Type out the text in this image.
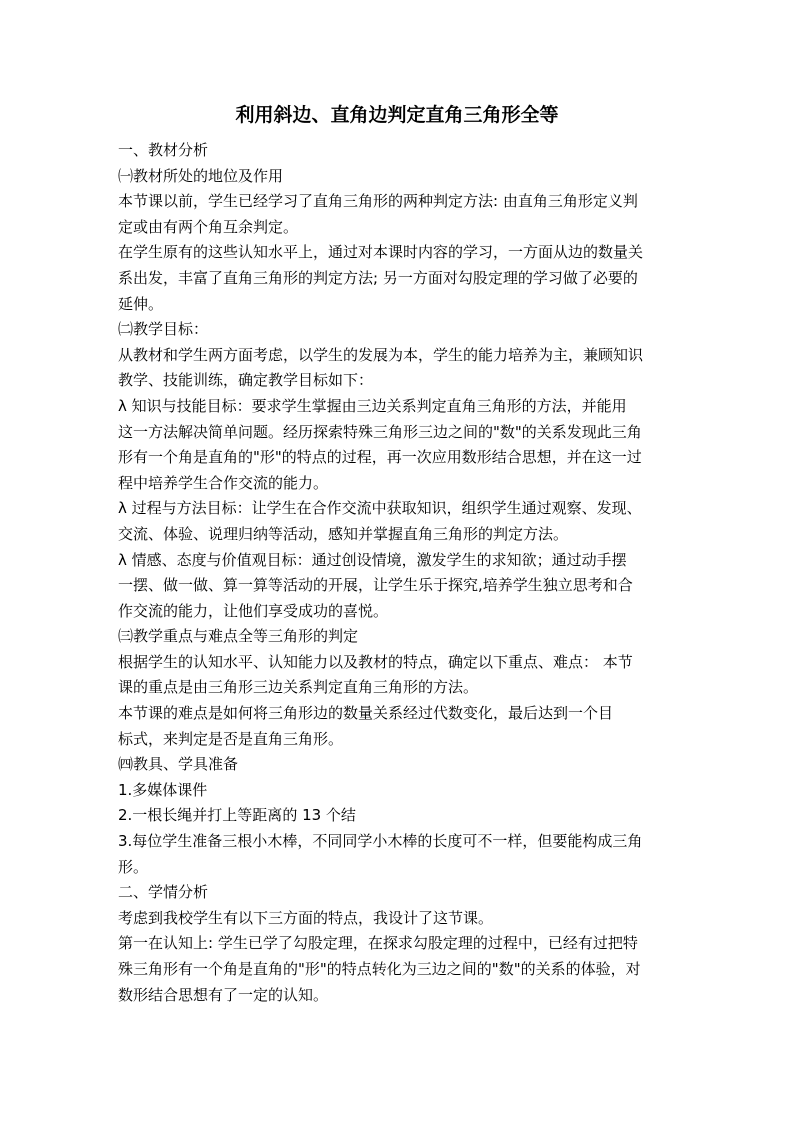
利用斜边、直角边判定直角三角形全等
一、教材分析
㈠教材所处的地位及作用
本节课以前，学生已经学习了直角三角形的两种判定方法: 由直角三角形定义判
定或由有两个角互余判定。
在学生原有的这些认知水平上，通过对本课时内容的学习，一方面从边的数量关
系出发，丰富了直角三角形的判定方法; 另一方面对勾股定理的学习做了必要的
延伸。
㈡教学目标：
从教材和学生两方面考虑，以学生的发展为本，学生的能力培养为主，兼顾知识
教学、技能训练，确定教学目标如下：
λ 知识与技能目标：要求学生掌握由三边关系判定直角三角形的方法，并能用
这一方法解决简单问题。经历探索特殊三角形三边之间的"数"的关系发现此三角
形有一个角是直角的"形"的特点的过程，再一次应用数形结合思想，并在这一过
程中培养学生合作交流的能力。
λ 过程与方法目标：让学生在合作交流中获取知识，组织学生通过观察、发现、
交流、体验、说理归纳等活动，感知并掌握直角三角形的判定方法。
λ 情感、态度与价值观目标：通过创设情境，激发学生的求知欲；通过动手摆
一摆、做一做、算一算等活动的开展，让学生乐于探究,培养学生独立思考和合
作交流的能力，让他们享受成功的喜悦。
㈢教学重点与难点全等三角形的判定
根据学生的认知水平、认知能力以及教材的特点，确定以下重点、难点： 本节
课的重点是由三角形三边关系判定直角三角形的方法。
本节课的难点是如何将三角形边的数量关系经过代数变化，最后达到一个目
标式，来判定是否是直角三角形。
㈣教具、学具准备
1.多媒体课件
2.一根长绳并打上等距离的 13 个结
3.每位学生准备三根小木棒，不同同学小木棒的长度可不一样，但要能构成三角
形。
二、学情分析
考虑到我校学生有以下三方面的特点，我设计了这节课。
第一在认知上: 学生已学了勾股定理，在探求勾股定理的过程中，已经有过把特
殊三角形有一个角是直角的"形"的特点转化为三边之间的"数"的关系的体验，对
数形结合思想有了一定的认知。
